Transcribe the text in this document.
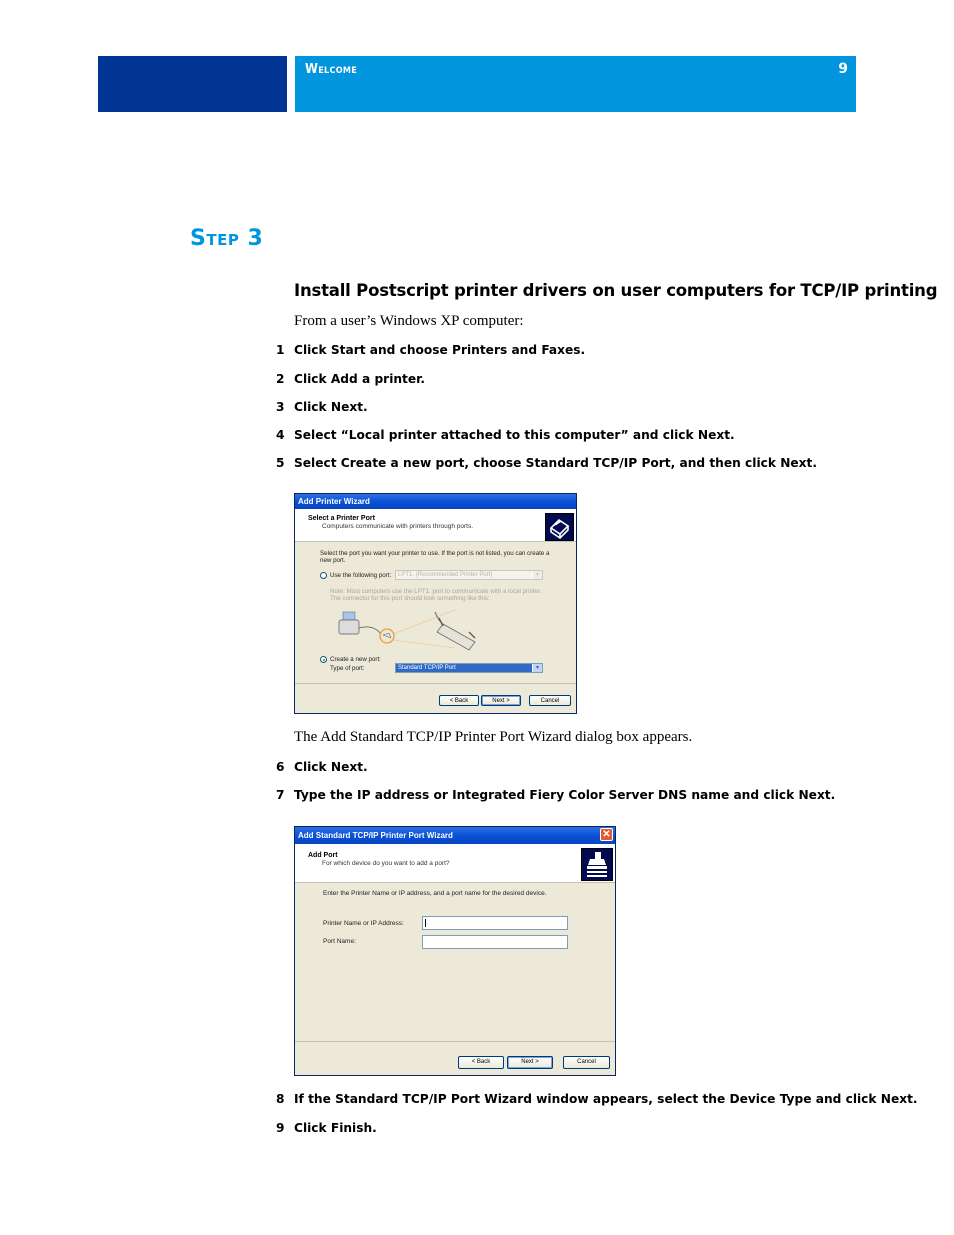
Welcome	9
Step 3
Install Postscript printer drivers on user computers for TCP/IP printing
From a user’s Windows XP computer:
1 Click Start and choose Printers and Faxes.
2 Click Add a printer.
3 Click Next.
4 Select “Local printer attached to this computer” and click Next.
5 Select Create a new port, choose Standard TCP/IP Port, and then click Next.
Add Printer Wizard
Select a Printer Port
Computers communicate with printers through ports.
Select the port you want your printer to use. If the port is not listed, you can create a
new port.
Use the following port:	LPT1: (Recommended Printer Port)	▾
Note: Most computers use the LPT1: port to communicate with a local printer.
The connector for this port should look something like this:
Create a new port:
Type of port:	Standard TCP/IP Port	▾
< Back	Next >	Cancel
The Add Standard TCP/IP Printer Port Wizard dialog box appears.
6 Click Next.
7 Type the IP address or Integrated Fiery Color Server DNS name and click Next.
Add Standard TCP/IP Printer Port Wizard	✕
Add Port
For which device do you want to add a port?
Enter the Printer Name or IP address, and a port name for the desired device.
Printer Name or IP Address:
Port Name:
< Back	Next >	Cancel
8 If the Standard TCP/IP Port Wizard window appears, select the Device Type and click Next.
9 Click Finish.
